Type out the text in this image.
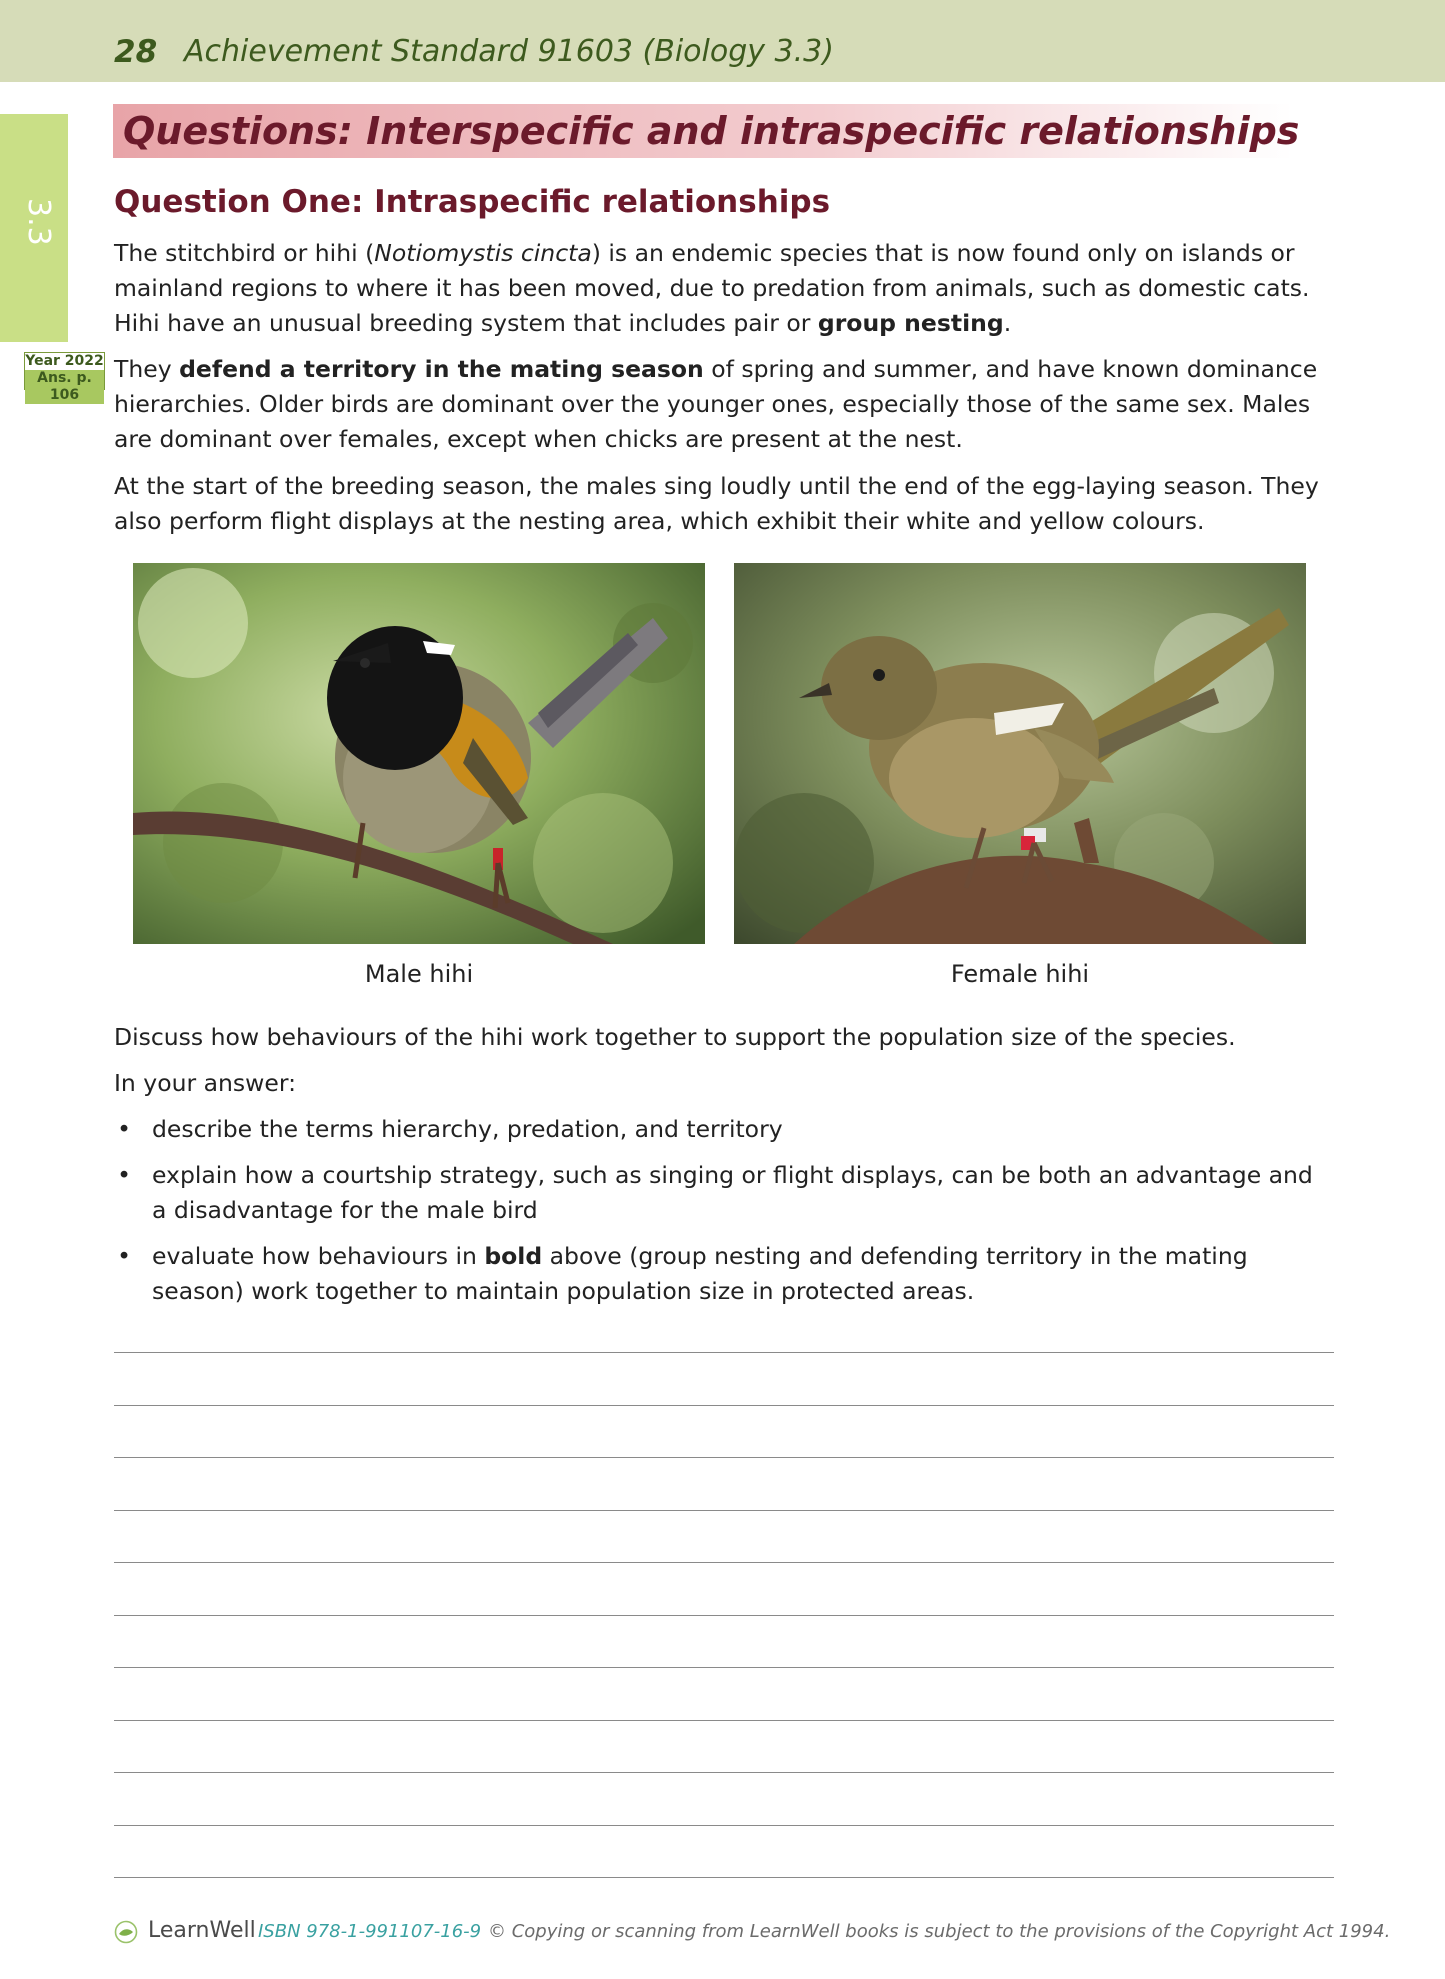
28 Achievement Standard 91603 (Biology 3.3)
3.3
Year 2022
Ans. p. 106
Questions: Interspecific and intraspecific relationships
Question One: Intraspecific relationships
The stitchbird or hihi (Notiomystis cincta) is an endemic species that is now found only on islands or mainland regions to where it has been moved, due to predation from animals, such as domestic cats. Hihi have an unusual breeding system that includes pair or group nesting.
They defend a territory in the mating season of spring and summer, and have known dominance hierarchies. Older birds are dominant over the younger ones, especially those of the same sex. Males are dominant over females, except when chicks are present at the nest.
At the start of the breeding season, the males sing loudly until the end of the egg-laying season. They also perform flight displays at the nesting area, which exhibit their white and yellow colours.
Male hihi	Female hihi
Discuss how behaviours of the hihi work together to support the population size of the species.
In your answer:
• describe the terms hierarchy, predation, and territory
• explain how a courtship strategy, such as singing or flight displays, can be both an advantage and a disadvantage for the male bird
• evaluate how behaviours in bold above (group nesting and defending territory in the mating season) work together to maintain population size in protected areas.
LearnWell ISBN 978-1-991107-16-9 © Copying or scanning from LearnWell books is subject to the provisions of the Copyright Act 1994.
